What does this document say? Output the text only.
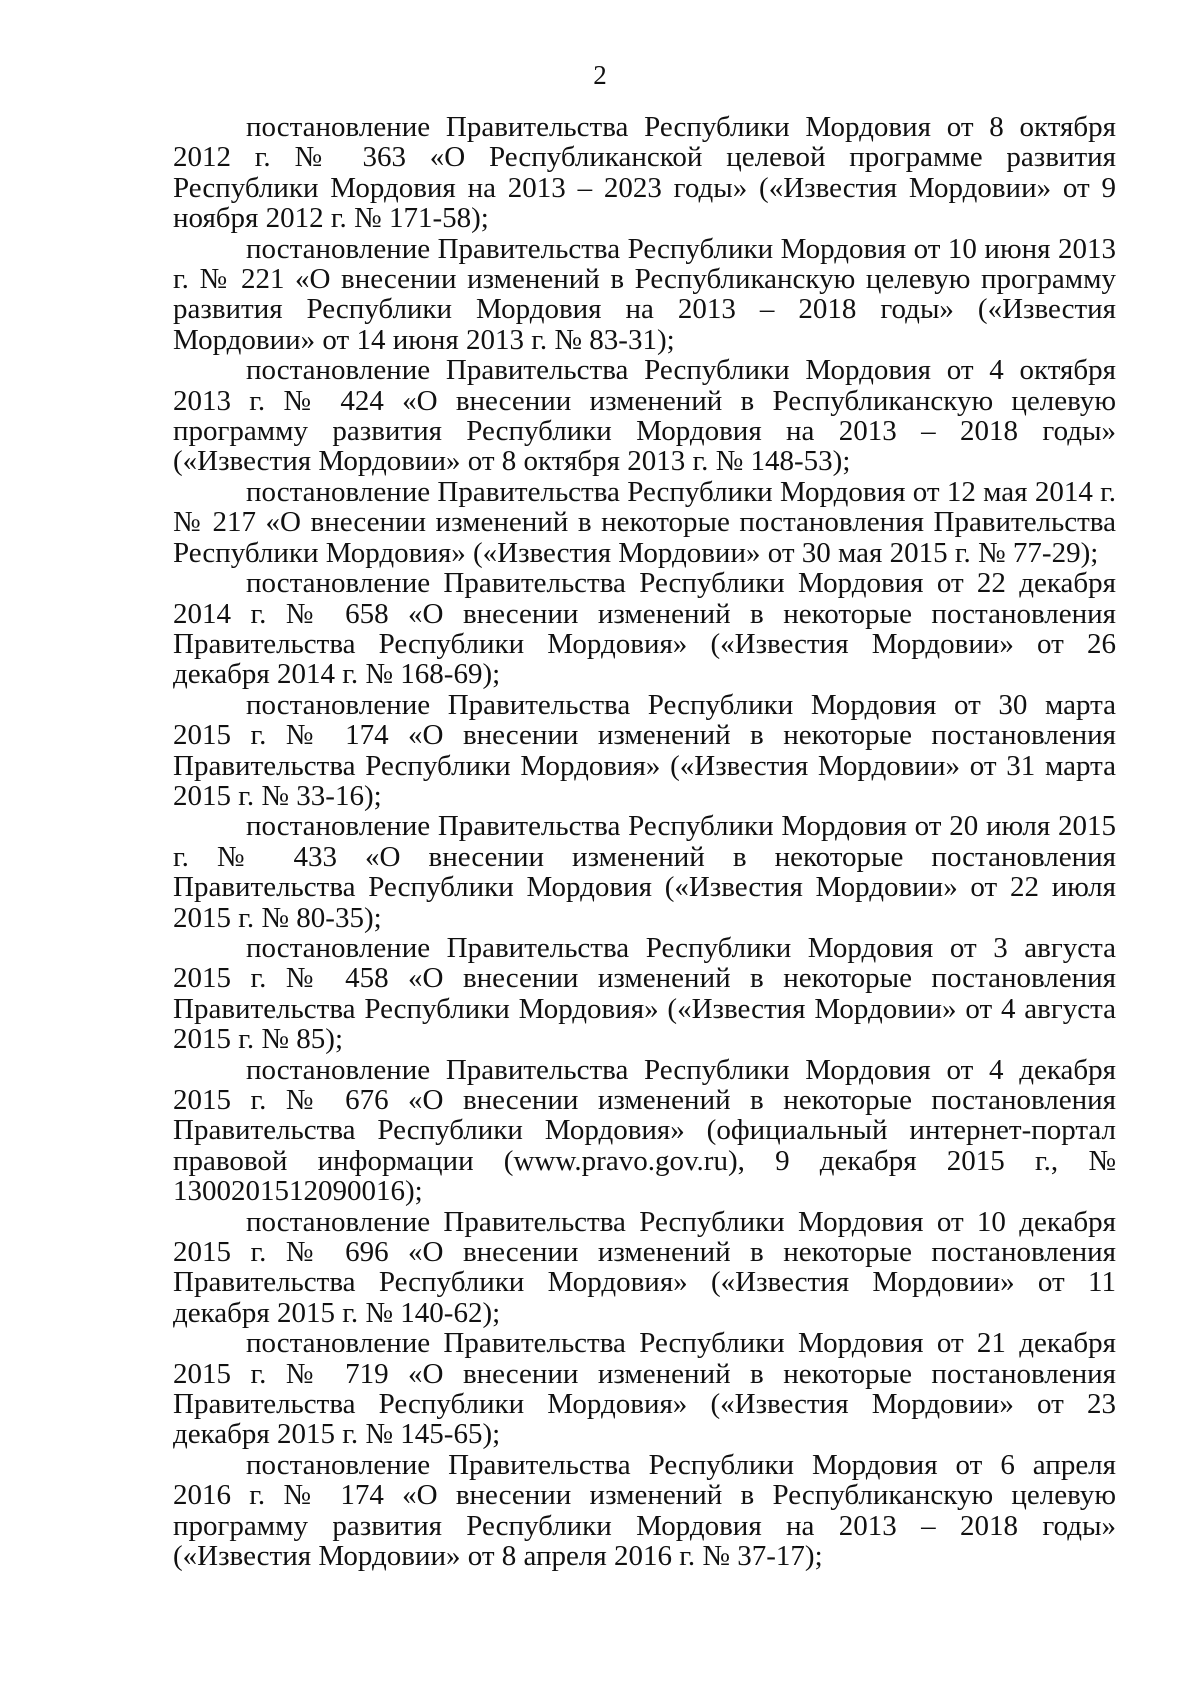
2

постановление Правительства Республики Мордовия от 8 октября 2012 г. № 363 «О Республиканской целевой программе развития Республики Мордовия на 2013 – 2023 годы» («Известия Мордовии» от 9 ноября 2012 г. № 171-58);

постановление Правительства Республики Мордовия от 10 июня 2013 г. № 221 «О внесении изменений в Республиканскую целевую программу развития Республики Мордовия на 2013 – 2018 годы» («Известия Мордовии» от 14 июня 2013 г. № 83-31);

постановление Правительства Республики Мордовия от 4 октября 2013 г. № 424 «О внесении изменений в Республиканскую целевую программу развития Республики Мордовия на 2013 – 2018 годы» («Известия Мордовии» от 8 октября 2013 г. № 148-53);

постановление Правительства Республики Мордовия от 12 мая 2014 г. № 217 «О внесении изменений в некоторые постановления Правительства Республики Мордовия» («Известия Мордовии» от 30 мая 2015 г. № 77-29);

постановление Правительства Республики Мордовия от 22 декабря 2014 г. № 658 «О внесении изменений в некоторые постановления Правительства Республики Мордовия» («Известия Мордовии» от 26 декабря 2014 г. № 168-69);

постановление Правительства Республики Мордовия от 30 марта 2015 г. № 174 «О внесении изменений в некоторые постановления Правительства Республики Мордовия» («Известия Мордовии» от 31 марта 2015 г. № 33-16);

постановление Правительства Республики Мордовия от 20 июля 2015 г. № 433 «О внесении изменений в некоторые постановления Правительства Республики Мордовия («Известия Мордовии» от 22 июля 2015 г. № 80-35);

постановление Правительства Республики Мордовия от 3 августа 2015 г. № 458 «О внесении изменений в некоторые постановления Правительства Республики Мордовия» («Известия Мордовии» от 4 августа 2015 г. № 85);

постановление Правительства Республики Мордовия от 4 декабря 2015 г. № 676 «О внесении изменений в некоторые постановления Правительства Республики Мордовия» (официальный интернет-портал правовой информации (www.pravo.gov.ru), 9 декабря 2015 г., № 1300201512090016);

постановление Правительства Республики Мордовия от 10 декабря 2015 г. № 696 «О внесении изменений в некоторые постановления Правительства Республики Мордовия» («Известия Мордовии» от 11 декабря 2015 г. № 140-62);

постановление Правительства Республики Мордовия от 21 декабря 2015 г. № 719 «О внесении изменений в некоторые постановления Правительства Республики Мордовия» («Известия Мордовии» от 23 декабря 2015 г. № 145-65);

постановление Правительства Республики Мордовия от 6 апреля 2016 г. № 174 «О внесении изменений в Республиканскую целевую программу развития Республики Мордовия на 2013 – 2018 годы» («Известия Мордовии» от 8 апреля 2016 г. № 37-17);
